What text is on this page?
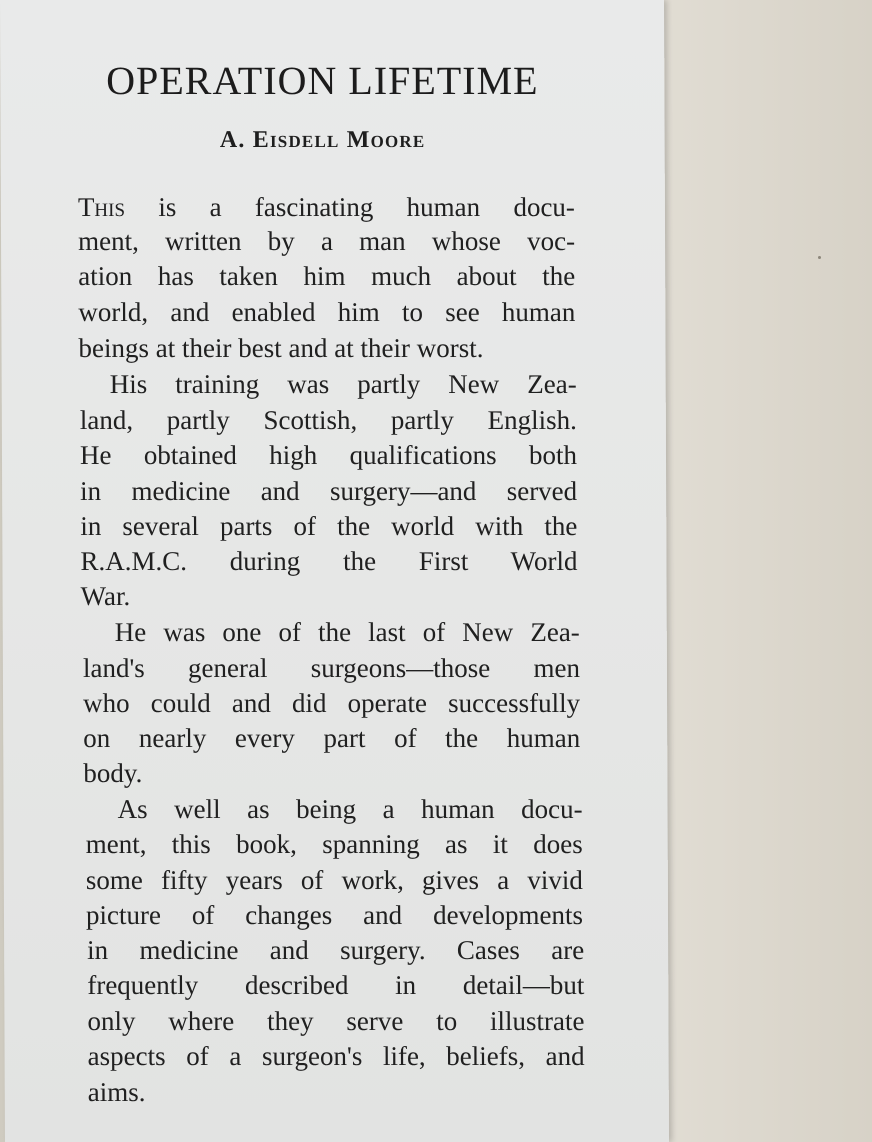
OPERATION LIFETIME
A. Eisdell Moore
This is a fascinating human docu-
ment, written by a man whose voc-
ation has taken him much about the
world, and enabled him to see human
beings at their best and at their worst.
His training was partly New Zea-
land, partly Scottish, partly English.
He obtained high qualifications both
in medicine and surgery—and served
in several parts of the world with the
R.A.M.C. during the First World
War.
He was one of the last of New Zea-
land's general surgeons—those men
who could and did operate successfully
on nearly every part of the human
body.
As well as being a human docu-
ment, this book, spanning as it does
some fifty years of work, gives a vivid
picture of changes and developments
in medicine and surgery. Cases are
frequently described in detail—but
only where they serve to illustrate
aspects of a surgeon's life, beliefs, and
aims.
